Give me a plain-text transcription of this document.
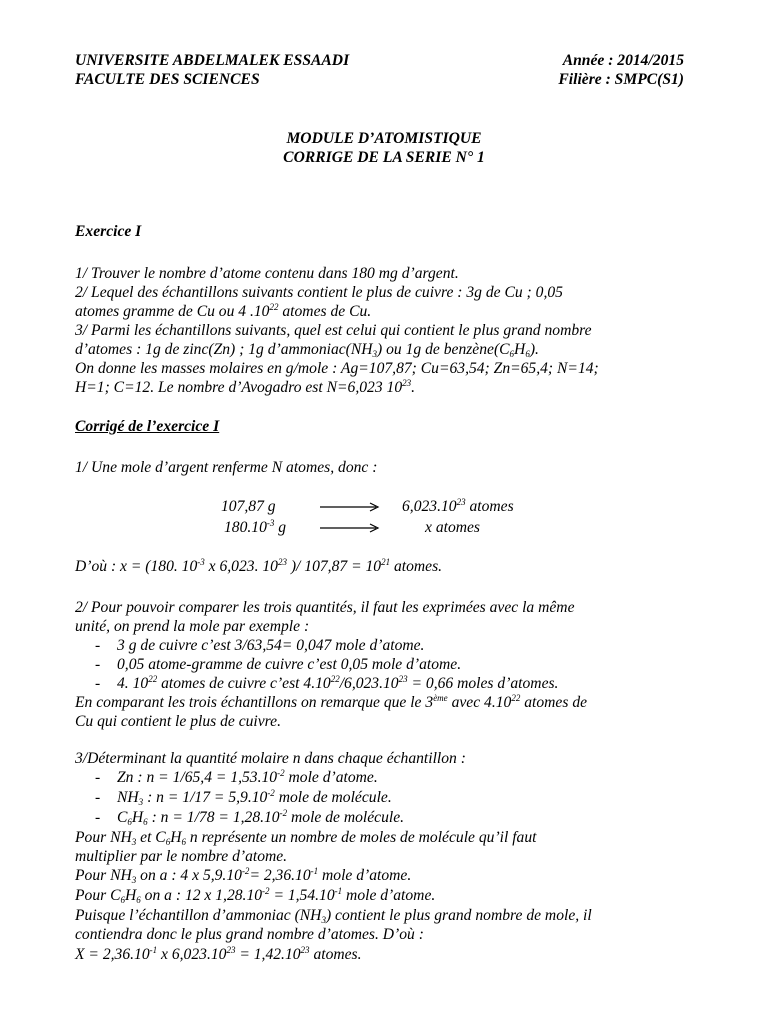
UNIVERSITE ABDELMALEK ESSAADI
FACULTE DES SCIENCES
Année : 2014/2015
Filière : SMPC(S1)
MODULE D’ATOMISTIQUE
CORRIGE DE LA SERIE N° 1
Exercice I
1/ Trouver le nombre d’atome contenu dans 180 mg d’argent.
2/ Lequel des échantillons suivants contient le plus de cuivre : 3g de Cu ; 0,05
atomes gramme de Cu ou 4 $.10^{22}$ atomes de Cu.
3/ Parmi les échantillons suivants, quel est celui qui contient le plus grand nombre
d’atomes : 1g de zinc(Zn) ; 1g $d’ammoniac(NH_3)$ ou 1g de $benzène(C_6H_6)$.
On donne les masses molaires en g/mole : Ag=107,87; Cu=63,54; Zn=65,4; N=14;
H=1; C=12. Le nombre d’Avogadro est N=6,023 $10^{23}$.
Corrigé de l’exercice I
1/ Une mole d’argent renferme N atomes, donc :
107,87 g	6,023.10$^{23}$ atomes
$180.10^{-3}$ g	x atomes
D’où : x = (180. $10^{-3}$ x 6,023. $10^{23}$ )/ $107,87 = 10^{21}$ atomes.
2/ Pour pouvoir comparer les trois quantités, il faut les exprimées avec la même
unité, on prend la mole par exemple :
- 3 g de cuivre c’est 3/63,54= 0,047 mole d’atome.
- 0,05 atome-gramme de cuivre c’est 0,05 mole d’atome.
- 4. $10^{22}$ atomes de cuivre c’est $4.10^{22}/6,023.10^{23} = 0,66$ moles d’atomes.
En comparant les trois échantillons on remarque que le 3ème avec 4.10$^{22}$ atomes de
Cu qui contient le plus de cuivre.
3/Déterminant la quantité molaire n dans chaque échantillon :
- Zn : $n = 1/65,4 = 1,53.10^{-2}$ mole d’atome.
- $NH_3$ : $n = 1/17 = 5,9.10^{-2}$ mole de molécule.
- $C_6H_6$ : $n = 1/78 = 1,28.10^{-2}$ mole de molécule.
Pour $NH_3$ et $C_6H_6$ n représente un nombre de moles de molécule qu’il faut
multiplier par le nombre d’atome.
Pour $NH_3$ on a : 4 x $5,9.10^{-2}= 2,36.10^{-1}$ mole d’atome.
Pour $C_6H_6$ on a : 12 x $1,28.10^{-2} = 1,54.10^{-1}$ mole d’atome.
Puisque l’échantillon d’ammoniac $(NH_3)$ contient le plus grand nombre de mole, il
contiendra donc le plus grand nombre d’atomes. D’où :
$X = 2,36.10^{-1}$ x $6,023.10^{23} = 1,42.10^{23}$ atomes.
